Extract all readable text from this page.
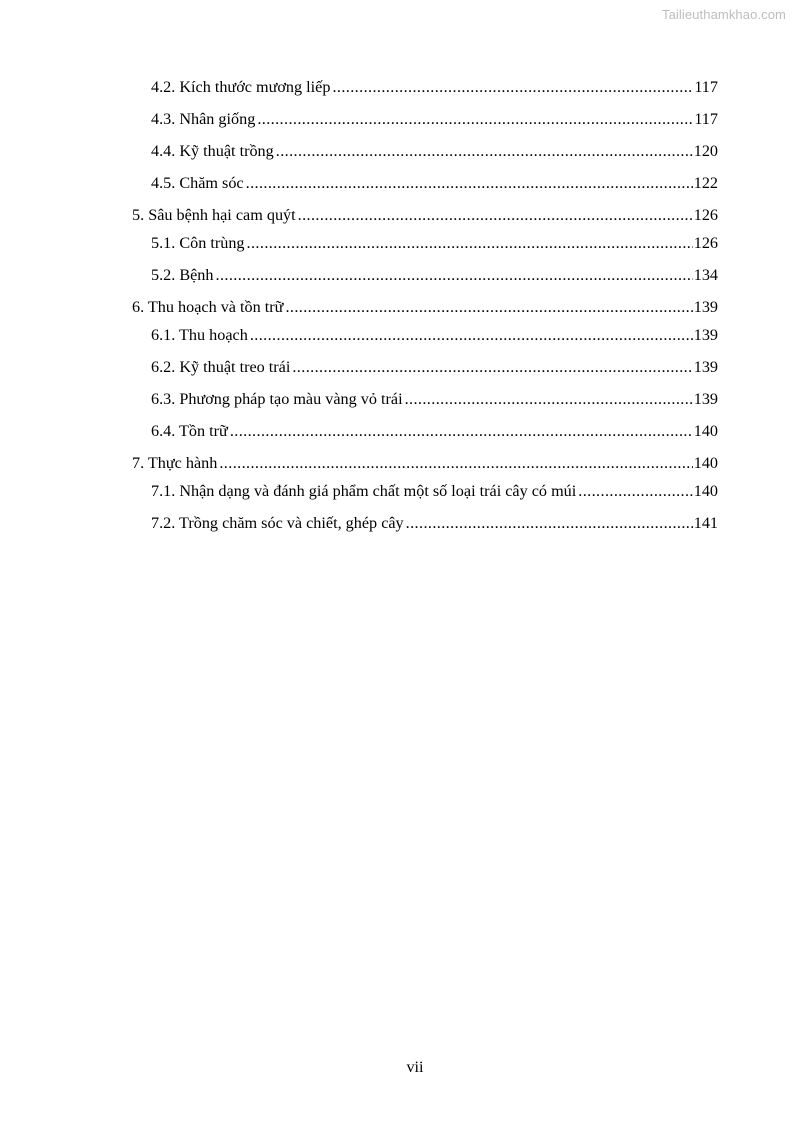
Tailieuthamkhao.com
4.2. Kích thước mương liếp .....	117
4.3. Nhân giống .....	117
4.4. Kỹ thuật trồng .....	120
4.5. Chăm sóc .....	122
5. Sâu bệnh hại cam quýt .....	126
5.1. Côn trùng .....	126
5.2. Bệnh .....	134
6. Thu hoạch và tồn trữ .....	139
6.1. Thu hoạch .....	139
6.2. Kỹ thuật treo trái .....	139
6.3. Phương pháp tạo màu vàng vỏ trái .....	139
6.4. Tồn trữ .....	140
7. Thực hành .....	140
7.1. Nhận dạng và đánh giá phẩm chất một số loại trái cây có múi .....	140
7.2. Trồng chăm sóc và chiết, ghép cây .....	141
vii
